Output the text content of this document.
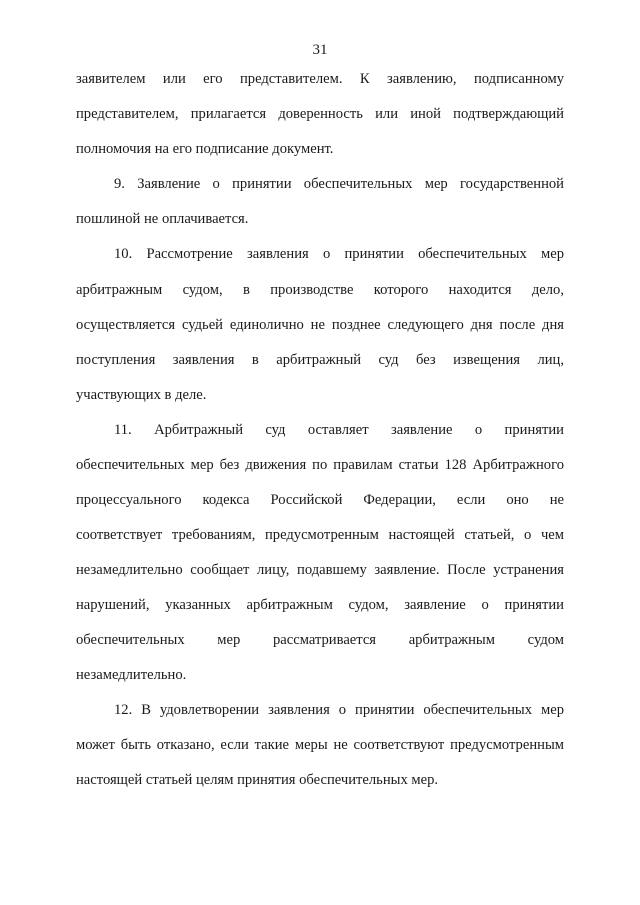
31
заявителем или его представителем. К заявлению, подписанному
представителем, прилагается доверенность или иной подтверждающий
полномочия на его подписание документ.
9. Заявление о принятии обеспечительных мер государственной
пошлиной не оплачивается.
10. Рассмотрение заявления о принятии обеспечительных мер
арбитражным судом, в производстве которого находится дело,
осуществляется судьей единолично не позднее следующего дня после дня
поступления заявления в арбитражный суд без извещения лиц,
участвующих в деле.
11. Арбитражный суд оставляет заявление о принятии
обеспечительных мер без движения по правилам статьи 128 Арбитражного
процессуального кодекса Российской Федерации, если оно не
соответствует требованиям, предусмотренным настоящей статьей, о чем
незамедлительно сообщает лицу, подавшему заявление. После устранения
нарушений, указанных арбитражным судом, заявление о принятии
обеспечительных мер рассматривается арбитражным судом
незамедлительно.
12. В удовлетворении заявления о принятии обеспечительных мер
может быть отказано, если такие меры не соответствуют предусмотренным
настоящей статьей целям принятия обеспечительных мер.
